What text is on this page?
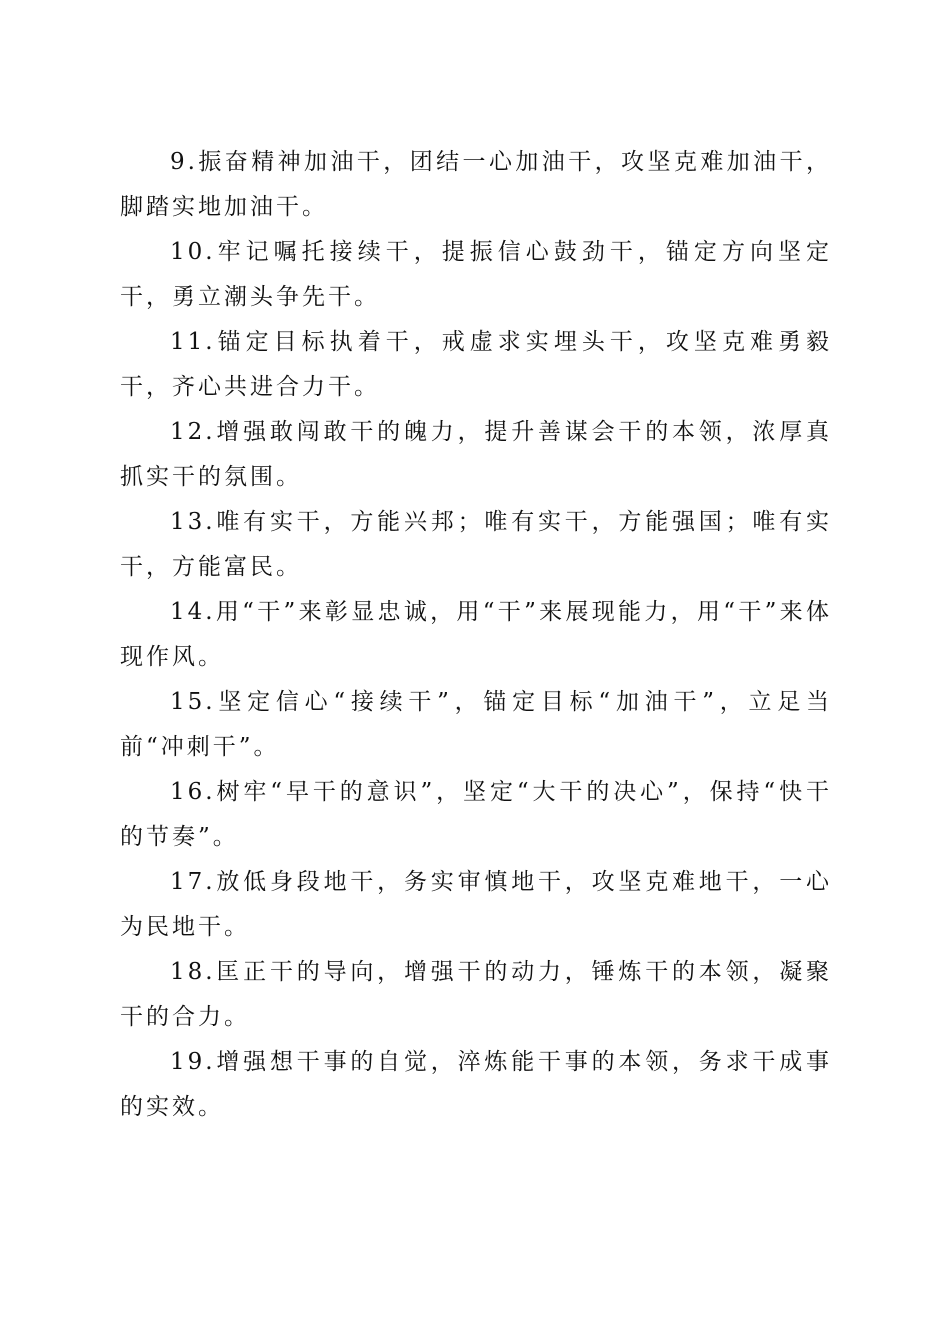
9.振奋精神加油干，团结一心加油干，攻坚克难加油干，脚踏实地加油干。

10.牢记嘱托接续干，提振信心鼓劲干，锚定方向坚定干，勇立潮头争先干。

11.锚定目标执着干，戒虚求实埋头干，攻坚克难勇毅干，齐心共进合力干。

12.增强敢闯敢干的魄力，提升善谋会干的本领，浓厚真抓实干的氛围。

13.唯有实干，方能兴邦；唯有实干，方能强国；唯有实干，方能富民。

14.用“干”来彰显忠诚，用“干”来展现能力，用“干”来体现作风。

15.坚定信心“接续干”，锚定目标“加油干”，立足当前“冲刺干”。

16.树牢“早干的意识”，坚定“大干的决心”，保持“快干的节奏”。

17.放低身段地干，务实审慎地干，攻坚克难地干，一心为民地干。

18.匡正干的导向，增强干的动力，锤炼干的本领，凝聚干的合力。

19.增强想干事的自觉，淬炼能干事的本领，务求干成事的实效。
